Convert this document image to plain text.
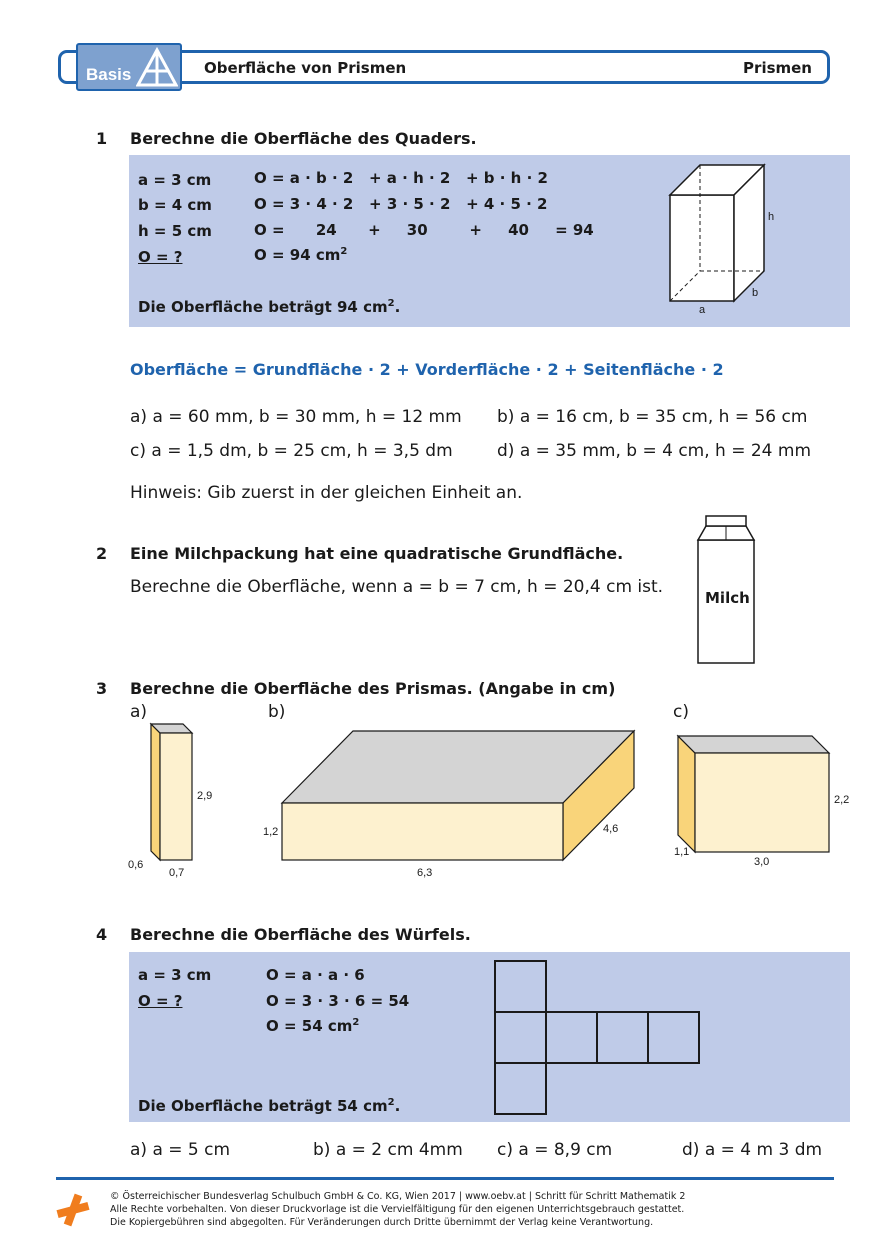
Basis	Oberfläche von Prismen	Prismen
1 Berechne die Oberfläche des Quaders.
a = 3 cm
b = 4 cm
h = 5 cm
O = ?
O = a · b · 2   + a · h · 2   + b · h · 2
O = 3 · 4 · 2   + 3 · 5 · 2   + 4 · 5 · 2
O =      24      +     30        +     40     = 94
O = 94 $cm^2$
Die Oberfläche beträgt 94 $cm^2$.
h
b
a
Oberfläche = Grundfläche · 2 + Vorderfläche · 2 + Seitenfläche · 2
a) a = 60 mm, b = 30 mm, h = 12 mm b) a = 16 cm, b = 35 cm, h = 56 cm
c) a = 1,5 dm, b = 25 cm, h = 3,5 dm	d) a = 35 mm, b = 4 cm, h = 24 mm
Hinweis: Gib zuerst in der gleichen Einheit an.
2 Eine Milchpackung hat eine quadratische Grundfläche.
Berechne die Oberfläche, wenn a = b = 7 cm, h = 20,4 cm ist.
Milch
3 Berechne die Oberfläche des Prismas. (Angabe in cm)
a)	b)	c)
2,9
0,6
0,7
1,2	4,6
6,3
2,2
1,1
3,0
4 Berechne die Oberfläche des Würfels.
a = 3 cm
O = ?
O = a · a · 6
O = 3 · 3 · 6 = 54
O = 54 $cm^2$
Die Oberfläche beträgt 54 $cm^2$.
a) a = 5 cm	b) a = 2 cm 4mm c) a = 8,9 cm	d) a = 4 m 3 dm
© Österreichischer Bundesverlag Schulbuch GmbH & Co. KG, Wien 2017 | www.oebv.at | Schritt für Schritt Mathematik 2
Alle Rechte vorbehalten. Von dieser Druckvorlage ist die Vervielfältigung für den eigenen Unterrichtsgebrauch gestattet.
Die Kopiergebühren sind abgegolten. Für Veränderungen durch Dritte übernimmt der Verlag keine Verantwortung.
